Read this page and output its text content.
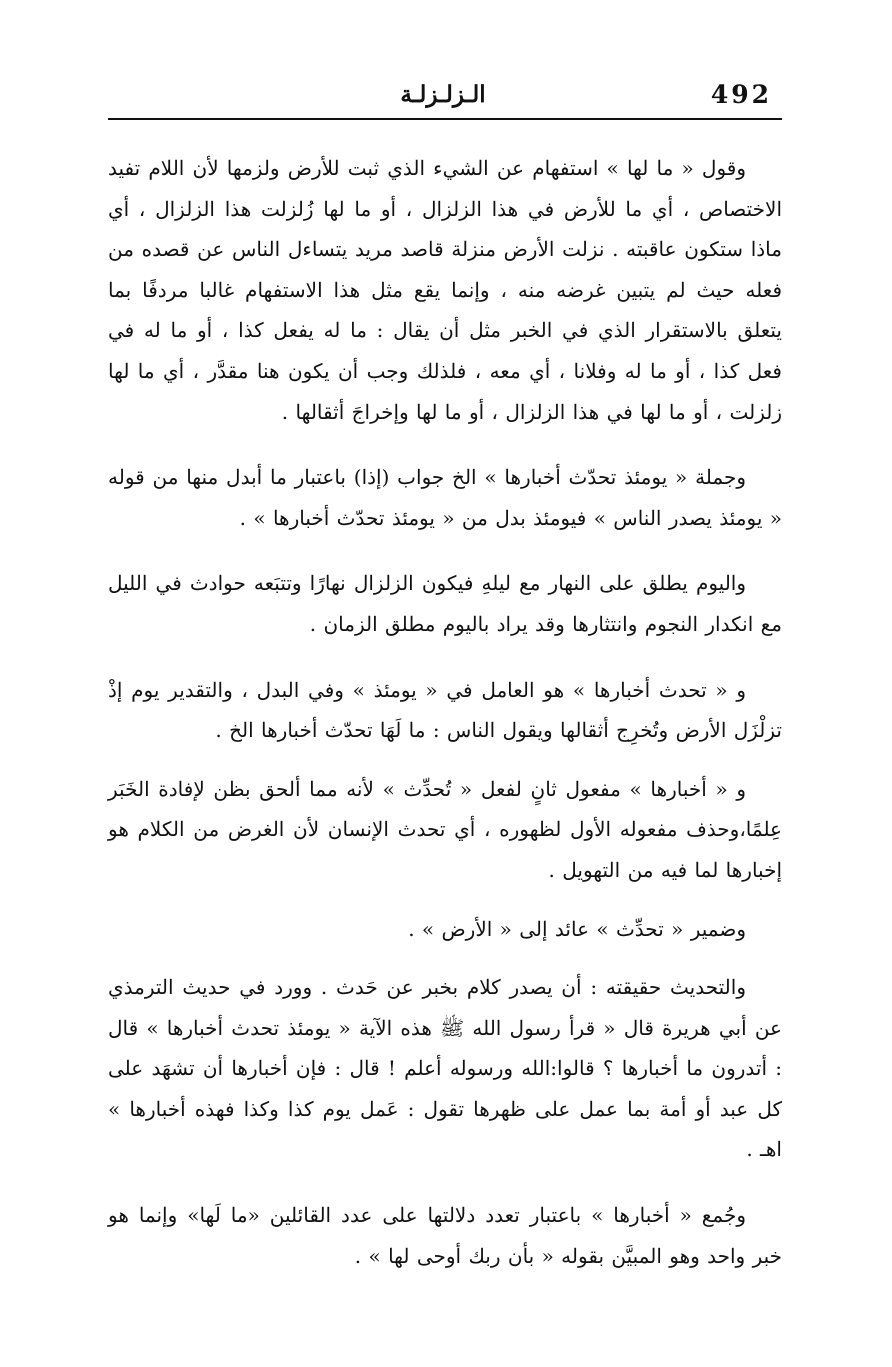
492
الـزلـزلـة

وقول « ما لها » استفهام عن الشيء الذي ثبت للأرض ولزمها لأن اللام تفيد الاختصاص ، أي ما للأرض في هذا الزلزال ، أو ما لها زُلزلت هذا الزلزال ، أي ماذا ستكون عاقبته . نزلت الأرض منزلة قاصد مريد يتساءل الناس عن قصده من فعله حيث لم يتبين غرضه منه ، وإنما يقع مثل هذا الاستفهام غالبا مردفًا بما يتعلق بالاستقرار الذي في الخبر مثل أن يقال : ما له يفعل كذا ، أو ما له في فعل كذا ، أو ما له وفلانا ، أي معه ، فلذلك وجب أن يكون هنا مقدَّر ، أي ما لها زلزلت ، أو ما لها في هذا الزلزال ، أو ما لها وإخراجَ أثقالها .

وجملة « يومئذ تحدّث أخبارها » الخ جواب (إذا) باعتبار ما أبدل منها من قوله « يومئذ يصدر الناس » فيومئذ بدل من « يومئذ تحدّث أخبارها » .

واليوم يطلق على النهار مع ليلهِ فيكون الزلزال نهارًا وتتبَعه حوادث في الليل مع انكدار النجوم وانتثارها وقد يراد باليوم مطلق الزمان .

و « تحدث أخبارها » هو العامل في « يومئذ » وفي البدل ، والتقدير يوم إذْ تزلْزَل الأرض وتُخرِج أثقالها ويقول الناس : ما لَهَا تحدّث أخبارها الخ .

و « أخبارها » مفعول ثانٍ لفعل « تُحدِّث » لأنه مما ألحق بظن لإفادة الخَبَر عِلمًا،وحذف مفعوله الأول لظهوره ، أي تحدث الإنسان لأن الغرض من الكلام هو إخبارها لما فيه من التهويل .

وضمير « تحدِّث » عائد إلى « الأرض » .

والتحديث حقيقته : أن يصدر كلام بخبر عن حَدث . وورد في حديث الترمذي عن أبي هريرة قال « قرأ رسول الله ﷺ هذه الآية « يومئذ تحدث أخبارها » قال : أتدرون ما أخبارها ؟ قالوا:الله ورسوله أعلم ! قال : فإن أخبارها أن تشهَد على كل عبد أو أمة بما عمل على ظهرها تقول : عَمل يوم كذا وكذا فهذه أخبارها » اهـ .

وجُمع « أخبارها » باعتبار تعدد دلالتها على عدد القائلين «ما لَها» وإنما هو خبر واحد وهو المبيَّن بقوله « بأن ربك أوحى لها » .
